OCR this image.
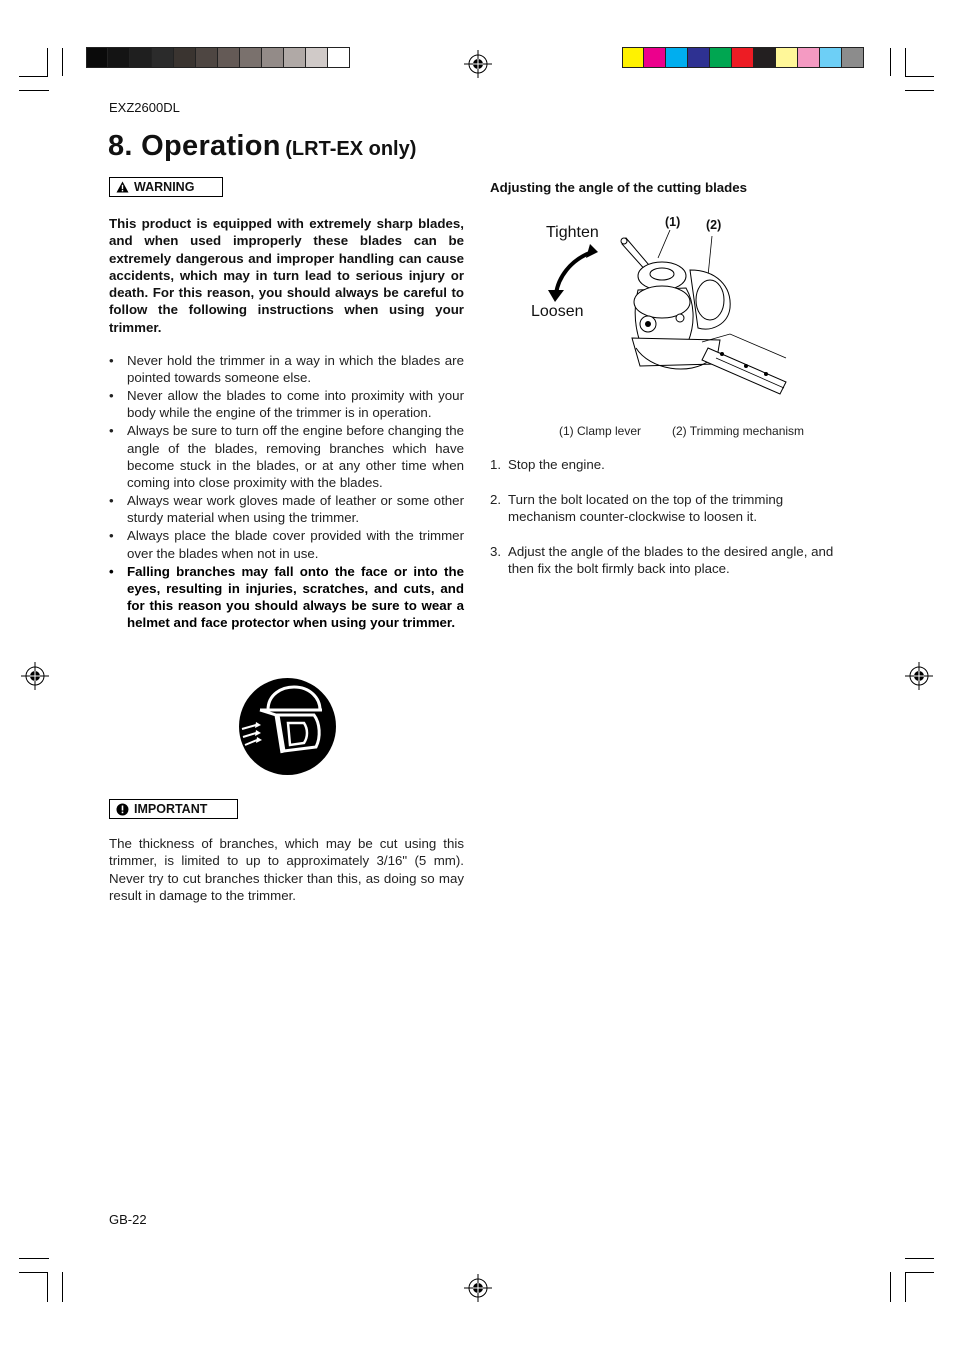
EXZ2600DL
8. Operation (LRT-EX only)
WARNING
This product is equipped with extremely sharp blades, and when used improperly these blades can be extremely dangerous and improper handling can cause accidents, which may in turn lead to serious injury or death. For this reason, you should always be careful to follow the following instructions when using your trimmer.
• Never hold the trimmer in a way in which the blades are pointed towards someone else.
• Never allow the blades to come into proximity with your body while the engine of the trimmer is in operation.
• Always be sure to turn off the engine before changing the angle of the blades, removing branches which have become stuck in the blades, or at any other time when coming into close proximity with the blades.
• Always wear work gloves made of leather or some other sturdy material when using the trimmer.
• Always place the blade cover provided with the trimmer over the blades when not in use.
• Falling branches may fall onto the face or into the eyes, resulting in injuries, scratches, and cuts, and for this reason you should always be sure to wear a helmet and face protector when using your trimmer.
IMPORTANT
The thickness of branches, which may be cut using this trimmer, is limited to up to approximately 3/16" (5 mm). Never try to cut branches thicker than this, as doing so may result in damage to the trimmer.
Adjusting the angle of the cutting blades
Tighten
Loosen
(1) (2)
(1) Clamp lever	(2) Trimming mechanism
1. Stop the engine.
2. Turn the bolt located on the top of the trimming mechanism counter-clockwise to loosen it.
3. Adjust the angle of the blades to the desired angle, and then fix the bolt firmly back into place.
GB-22
